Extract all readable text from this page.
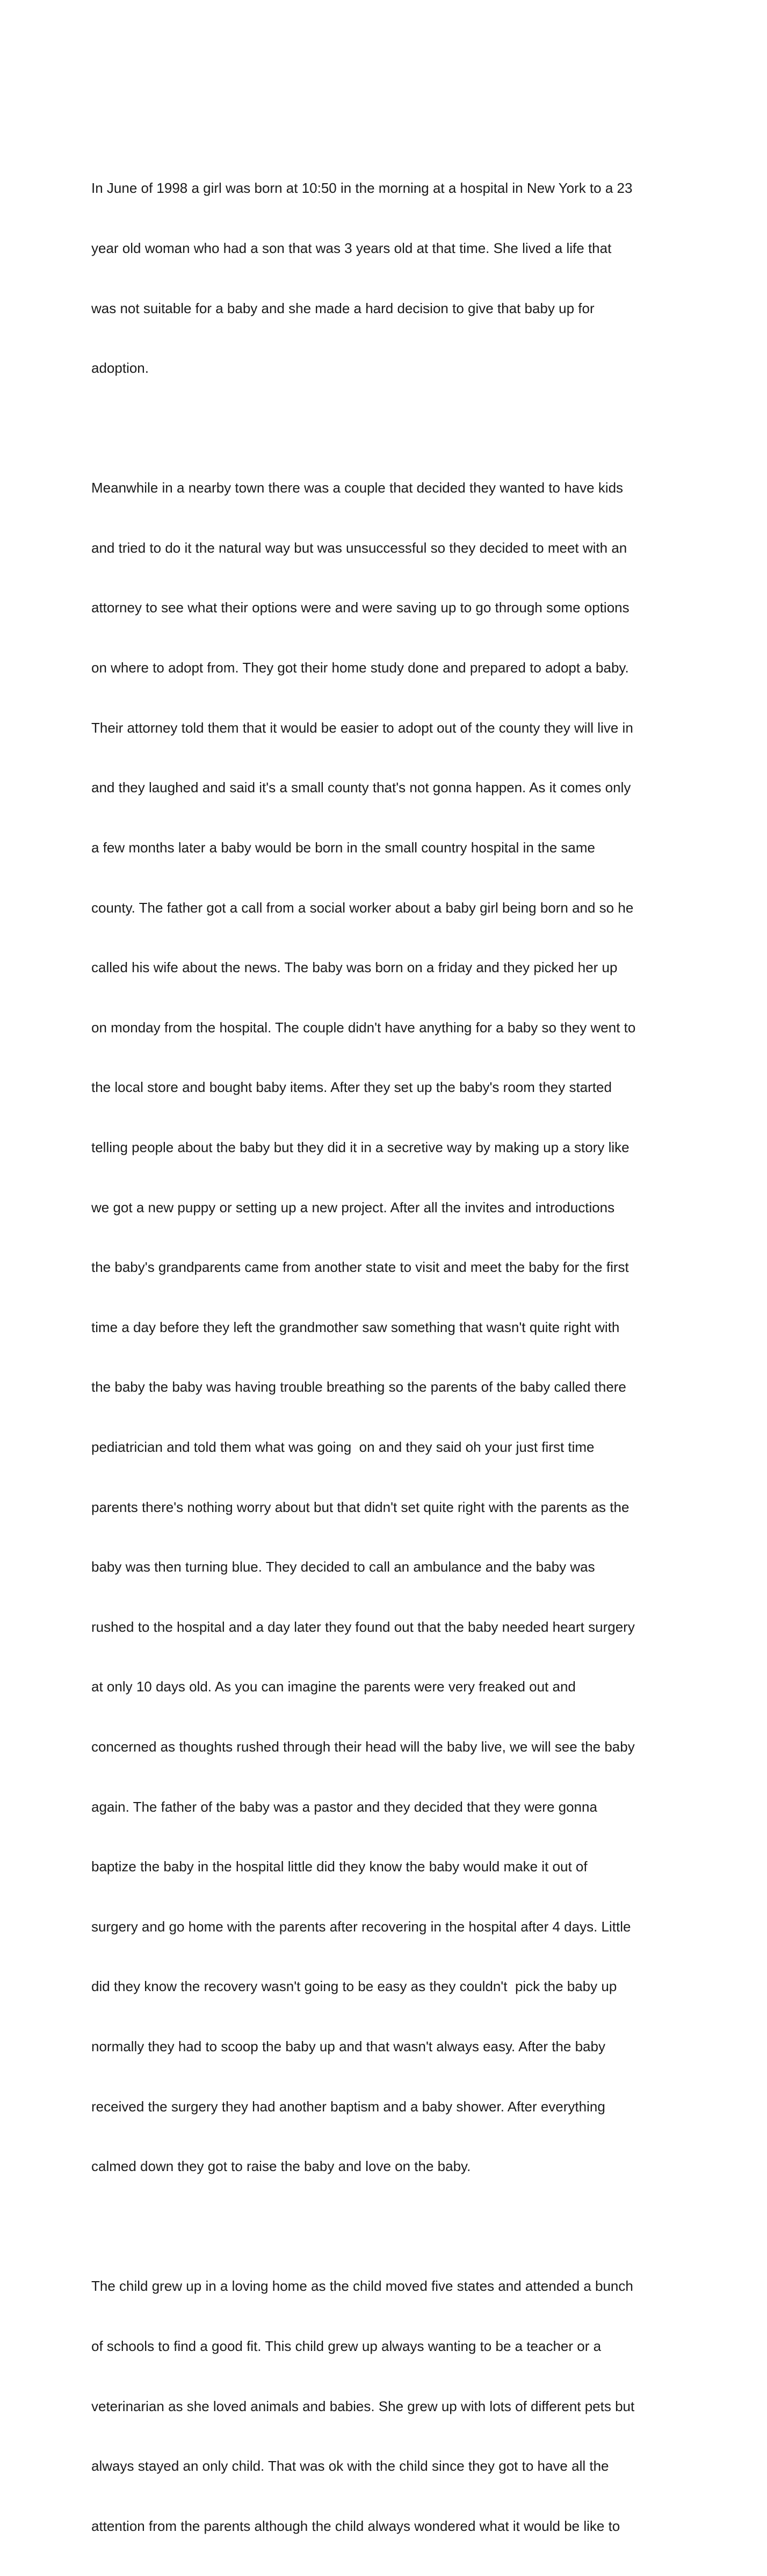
In June of 1998 a girl was born at 10:50 in the morning at a hospital in New York to a 23

year old woman who had a son that was 3 years old at that time. She lived a life that

was not suitable for a baby and she made a hard decision to give that baby up for

adoption.

Meanwhile in a nearby town there was a couple that decided they wanted to have kids

and tried to do it the natural way but was unsuccessful so they decided to meet with an

attorney to see what their options were and were saving up to go through some options

on where to adopt from. They got their home study done and prepared to adopt a baby.

Their attorney told them that it would be easier to adopt out of the county they will live in

and they laughed and said it's a small county that's not gonna happen. As it comes only

a few months later a baby would be born in the small country hospital in the same

county. The father got a call from a social worker about a baby girl being born and so he

called his wife about the news. The baby was born on a friday and they picked her up

on monday from the hospital. The couple didn't have anything for a baby so they went to

the local store and bought baby items. After they set up the baby's room they started

telling people about the baby but they did it in a secretive way by making up a story like

we got a new puppy or setting up a new project. After all the invites and introductions

the baby's grandparents came from another state to visit and meet the baby for the first

time a day before they left the grandmother saw something that wasn't quite right with

the baby the baby was having trouble breathing so the parents of the baby called there

pediatrician and told them what was going  on and they said oh your just first time

parents there's nothing worry about but that didn't set quite right with the parents as the

baby was then turning blue. They decided to call an ambulance and the baby was

rushed to the hospital and a day later they found out that the baby needed heart surgery

at only 10 days old. As you can imagine the parents were very freaked out and

concerned as thoughts rushed through their head will the baby live, we will see the baby

again. The father of the baby was a pastor and they decided that they were gonna

baptize the baby in the hospital little did they know the baby would make it out of

surgery and go home with the parents after recovering in the hospital after 4 days. Little

did they know the recovery wasn't going to be easy as they couldn't  pick the baby up

normally they had to scoop the baby up and that wasn't always easy. After the baby

received the surgery they had another baptism and a baby shower. After everything

calmed down they got to raise the baby and love on the baby.

The child grew up in a loving home as the child moved five states and attended a bunch

of schools to find a good fit. This child grew up always wanting to be a teacher or a

veterinarian as she loved animals and babies. She grew up with lots of different pets but

always stayed an only child. That was ok with the child since they got to have all the

attention from the parents although the child always wondered what it would be like to
